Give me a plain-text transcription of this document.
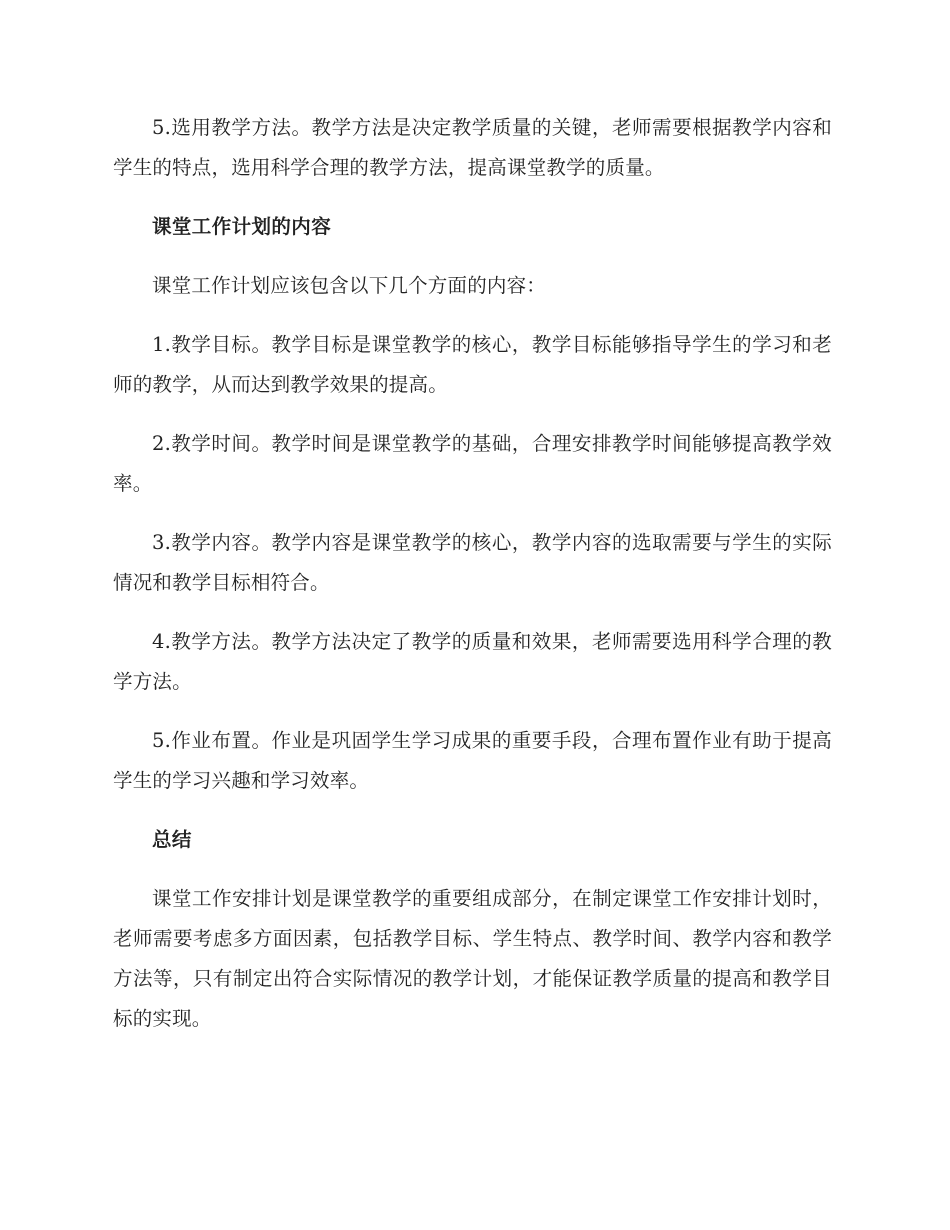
5.选用教学方法。教学方法是决定教学质量的关键，老师需要根据教学内容和学生的特点，选用科学合理的教学方法，提高课堂教学的质量。

课堂工作计划的内容

课堂工作计划应该包含以下几个方面的内容：

1.教学目标。教学目标是课堂教学的核心，教学目标能够指导学生的学习和老师的教学，从而达到教学效果的提高。

2.教学时间。教学时间是课堂教学的基础，合理安排教学时间能够提高教学效率。

3.教学内容。教学内容是课堂教学的核心，教学内容的选取需要与学生的实际情况和教学目标相符合。

4.教学方法。教学方法决定了教学的质量和效果，老师需要选用科学合理的教学方法。

5.作业布置。作业是巩固学生学习成果的重要手段，合理布置作业有助于提高学生的学习兴趣和学习效率。

总结

课堂工作安排计划是课堂教学的重要组成部分，在制定课堂工作安排计划时，老师需要考虑多方面因素，包括教学目标、学生特点、教学时间、教学内容和教学方法等，只有制定出符合实际情况的教学计划，才能保证教学质量的提高和教学目标的实现。
